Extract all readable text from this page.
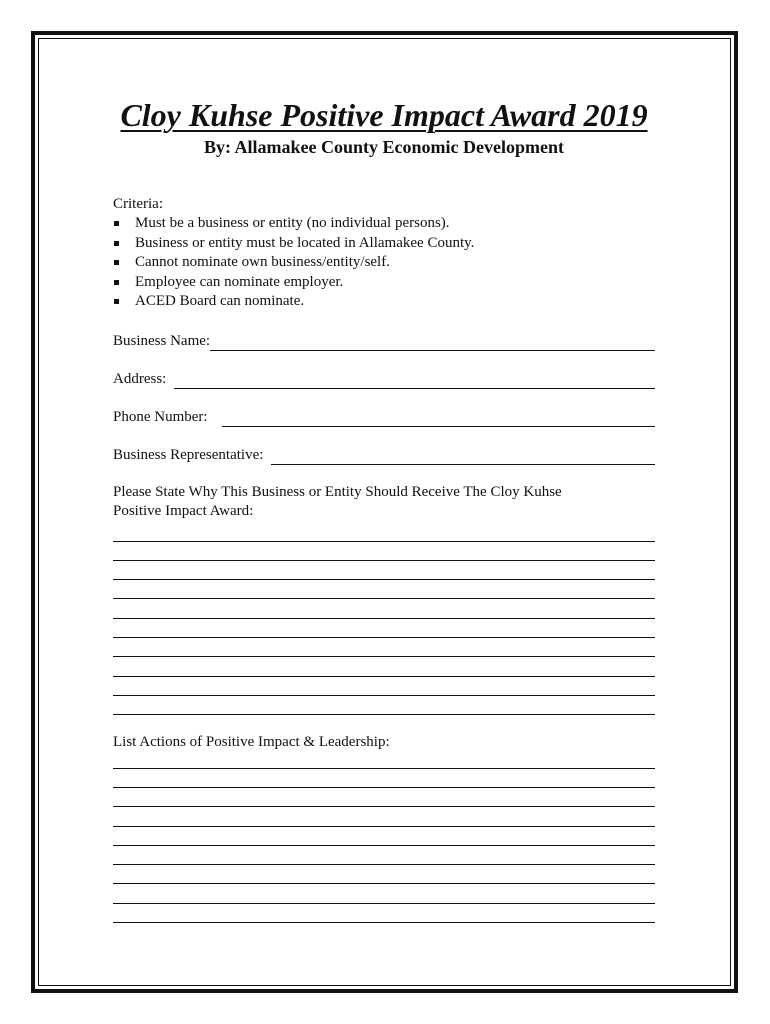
Cloy Kuhse Positive Impact Award 2019
By: Allamakee County Economic Development
Criteria:
Must be a business or entity (no individual persons).
Business or entity must be located in Allamakee County.
Cannot nominate own business/entity/self.
Employee can nominate employer.
ACED Board can nominate.
Business Name:
Address:
Phone Number:
Business Representative:
Please State Why This Business or Entity Should Receive The Cloy Kuhse
Positive Impact Award:
List Actions of Positive Impact & Leadership:
